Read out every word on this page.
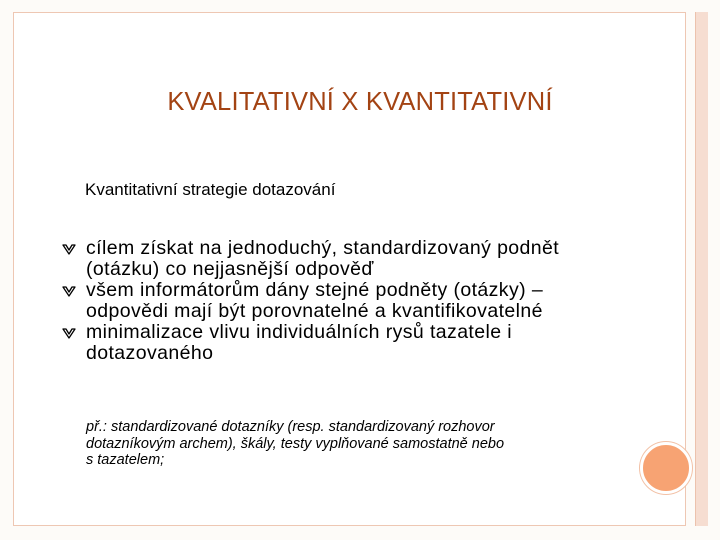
KVALITATIVNÍ X KVANTITATIVNÍ
Kvantitativní strategie dotazování
cílem získat na jednoduchý, standardizovaný podnět
(otázku) co nejjasnější odpověď
všem informátorům dány stejné podněty (otázky) –
odpovědi mají být porovnatelné a kvantifikovatelné
minimalizace vlivu individuálních rysů tazatele i
dotazovaného

př.: standardizované dotazníky (resp. standardizovaný rozhovor
dotazníkovým archem), škály, testy vyplňované samostatně nebo
s tazatelem;
